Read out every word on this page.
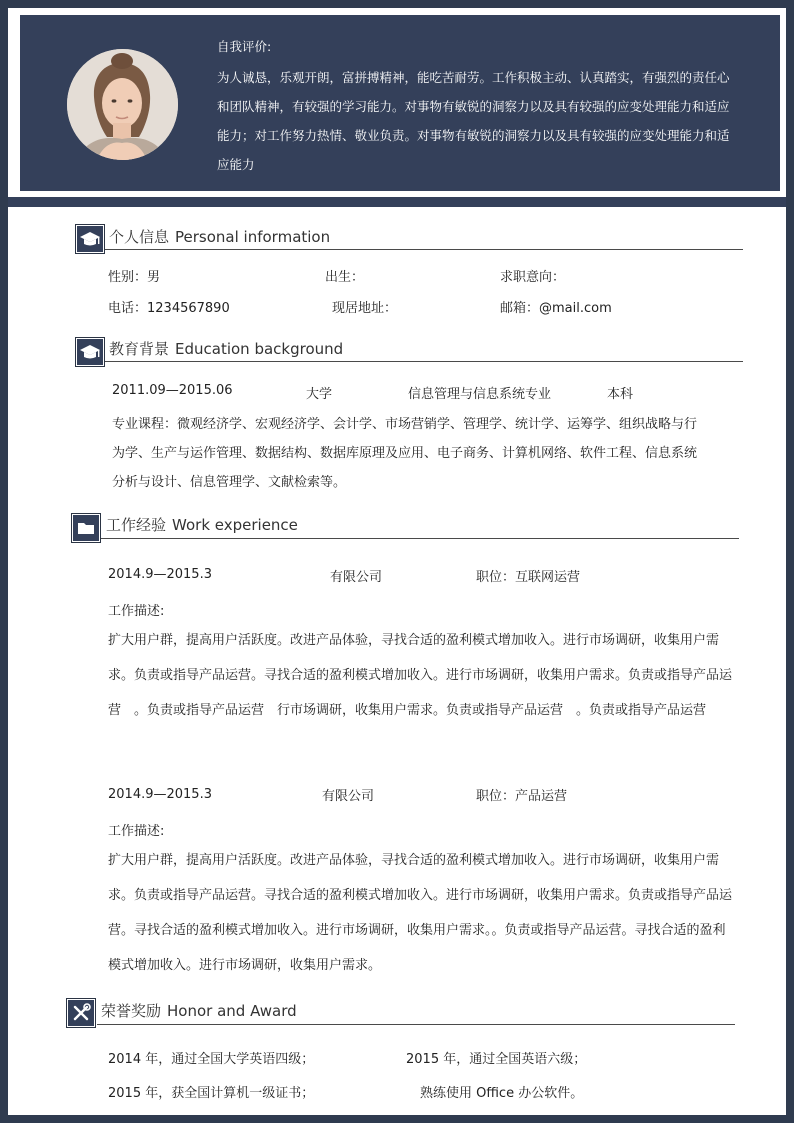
自我评价:
为人诚恳，乐观开朗，富拼搏精神，能吃苦耐劳。工作积极主动、认真踏实，有强烈的责任心和团队精神，有较强的学习能力。对事物有敏锐的洞察力以及具有较强的应变处理能力和适应能力；对工作努力热情、敬业负责。对事物有敏锐的洞察力以及具有较强的应变处理能力和适应能力
个人信息 Personal information
性别：男	出生：	求职意向：
电话：1234567890	现居地址：	邮箱：@mail.com
教育背景 Education background
2011.09—2015.06	大学	信息管理与信息系统专业	本科
专业课程：微观经济学、宏观经济学、会计学、市场营销学、管理学、统计学、运筹学、组织战略与行
为学、生产与运作管理、数据结构、数据库原理及应用、电子商务、计算机网络、软件工程、信息系统
分析与设计、信息管理学、文献检索等。
工作经验 Work experience
2014.9—2015.3	有限公司	职位：互联网运营
工作描述:
扩大用户群，提高用户活跃度。改进产品体验，寻找合适的盈利模式增加收入。进行市场调研，收集用户需求。负责或指导产品运营。寻找合适的盈利模式增加收入。进行市场调研，收集用户需求。负责或指导产品运营　。负责或指导产品运营　行市场调研，收集用户需求。负责或指导产品运营　。负责或指导产品运营
2014.9—2015.3	有限公司	职位：产品运营
工作描述:
扩大用户群，提高用户活跃度。改进产品体验，寻找合适的盈利模式增加收入。进行市场调研，收集用户需求。负责或指导产品运营。寻找合适的盈利模式增加收入。进行市场调研，收集用户需求。负责或指导产品运营。寻找合适的盈利模式增加收入。进行市场调研，收集用户需求。。负责或指导产品运营。寻找合适的盈利模式增加收入。进行市场调研，收集用户需求。
荣誉奖励 Honor and Award
2014 年，通过全国大学英语四级；	2015 年，通过全国英语六级；
2015 年，获全国计算机一级证书；	熟练使用 Office 办公软件。
